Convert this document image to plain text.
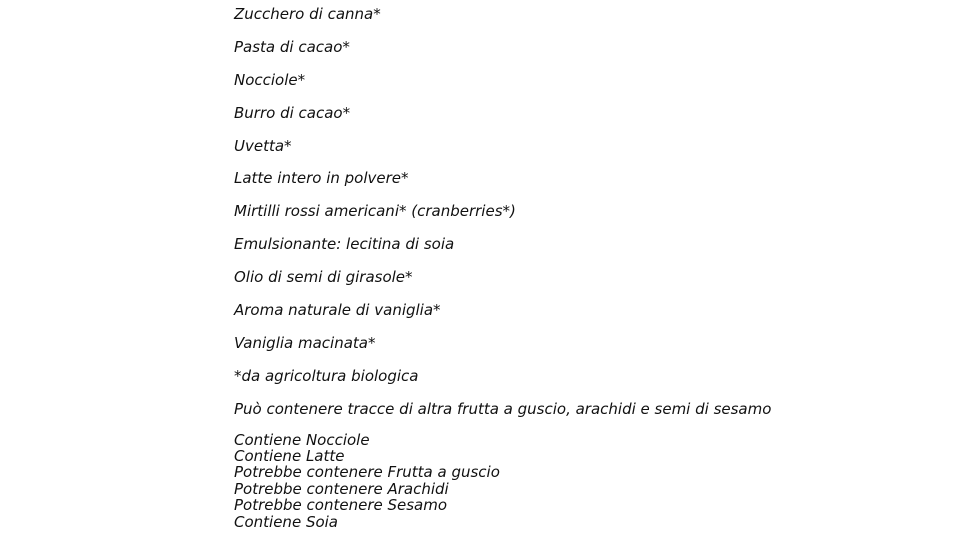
Zucchero di canna*
Pasta di cacao*
Nocciole*
Burro di cacao*
Uvetta*
Latte intero in polvere*
Mirtilli rossi americani* (cranberries*)
Emulsionante: lecitina di soia
Olio di semi di girasole*
Aroma naturale di vaniglia*
Vaniglia macinata*
*da agricoltura biologica
Può contenere tracce di altra frutta a guscio, arachidi e semi di sesamo
Contiene Nocciole
Contiene Latte
Potrebbe contenere Frutta a guscio
Potrebbe contenere Arachidi
Potrebbe contenere Sesamo
Contiene Soia
